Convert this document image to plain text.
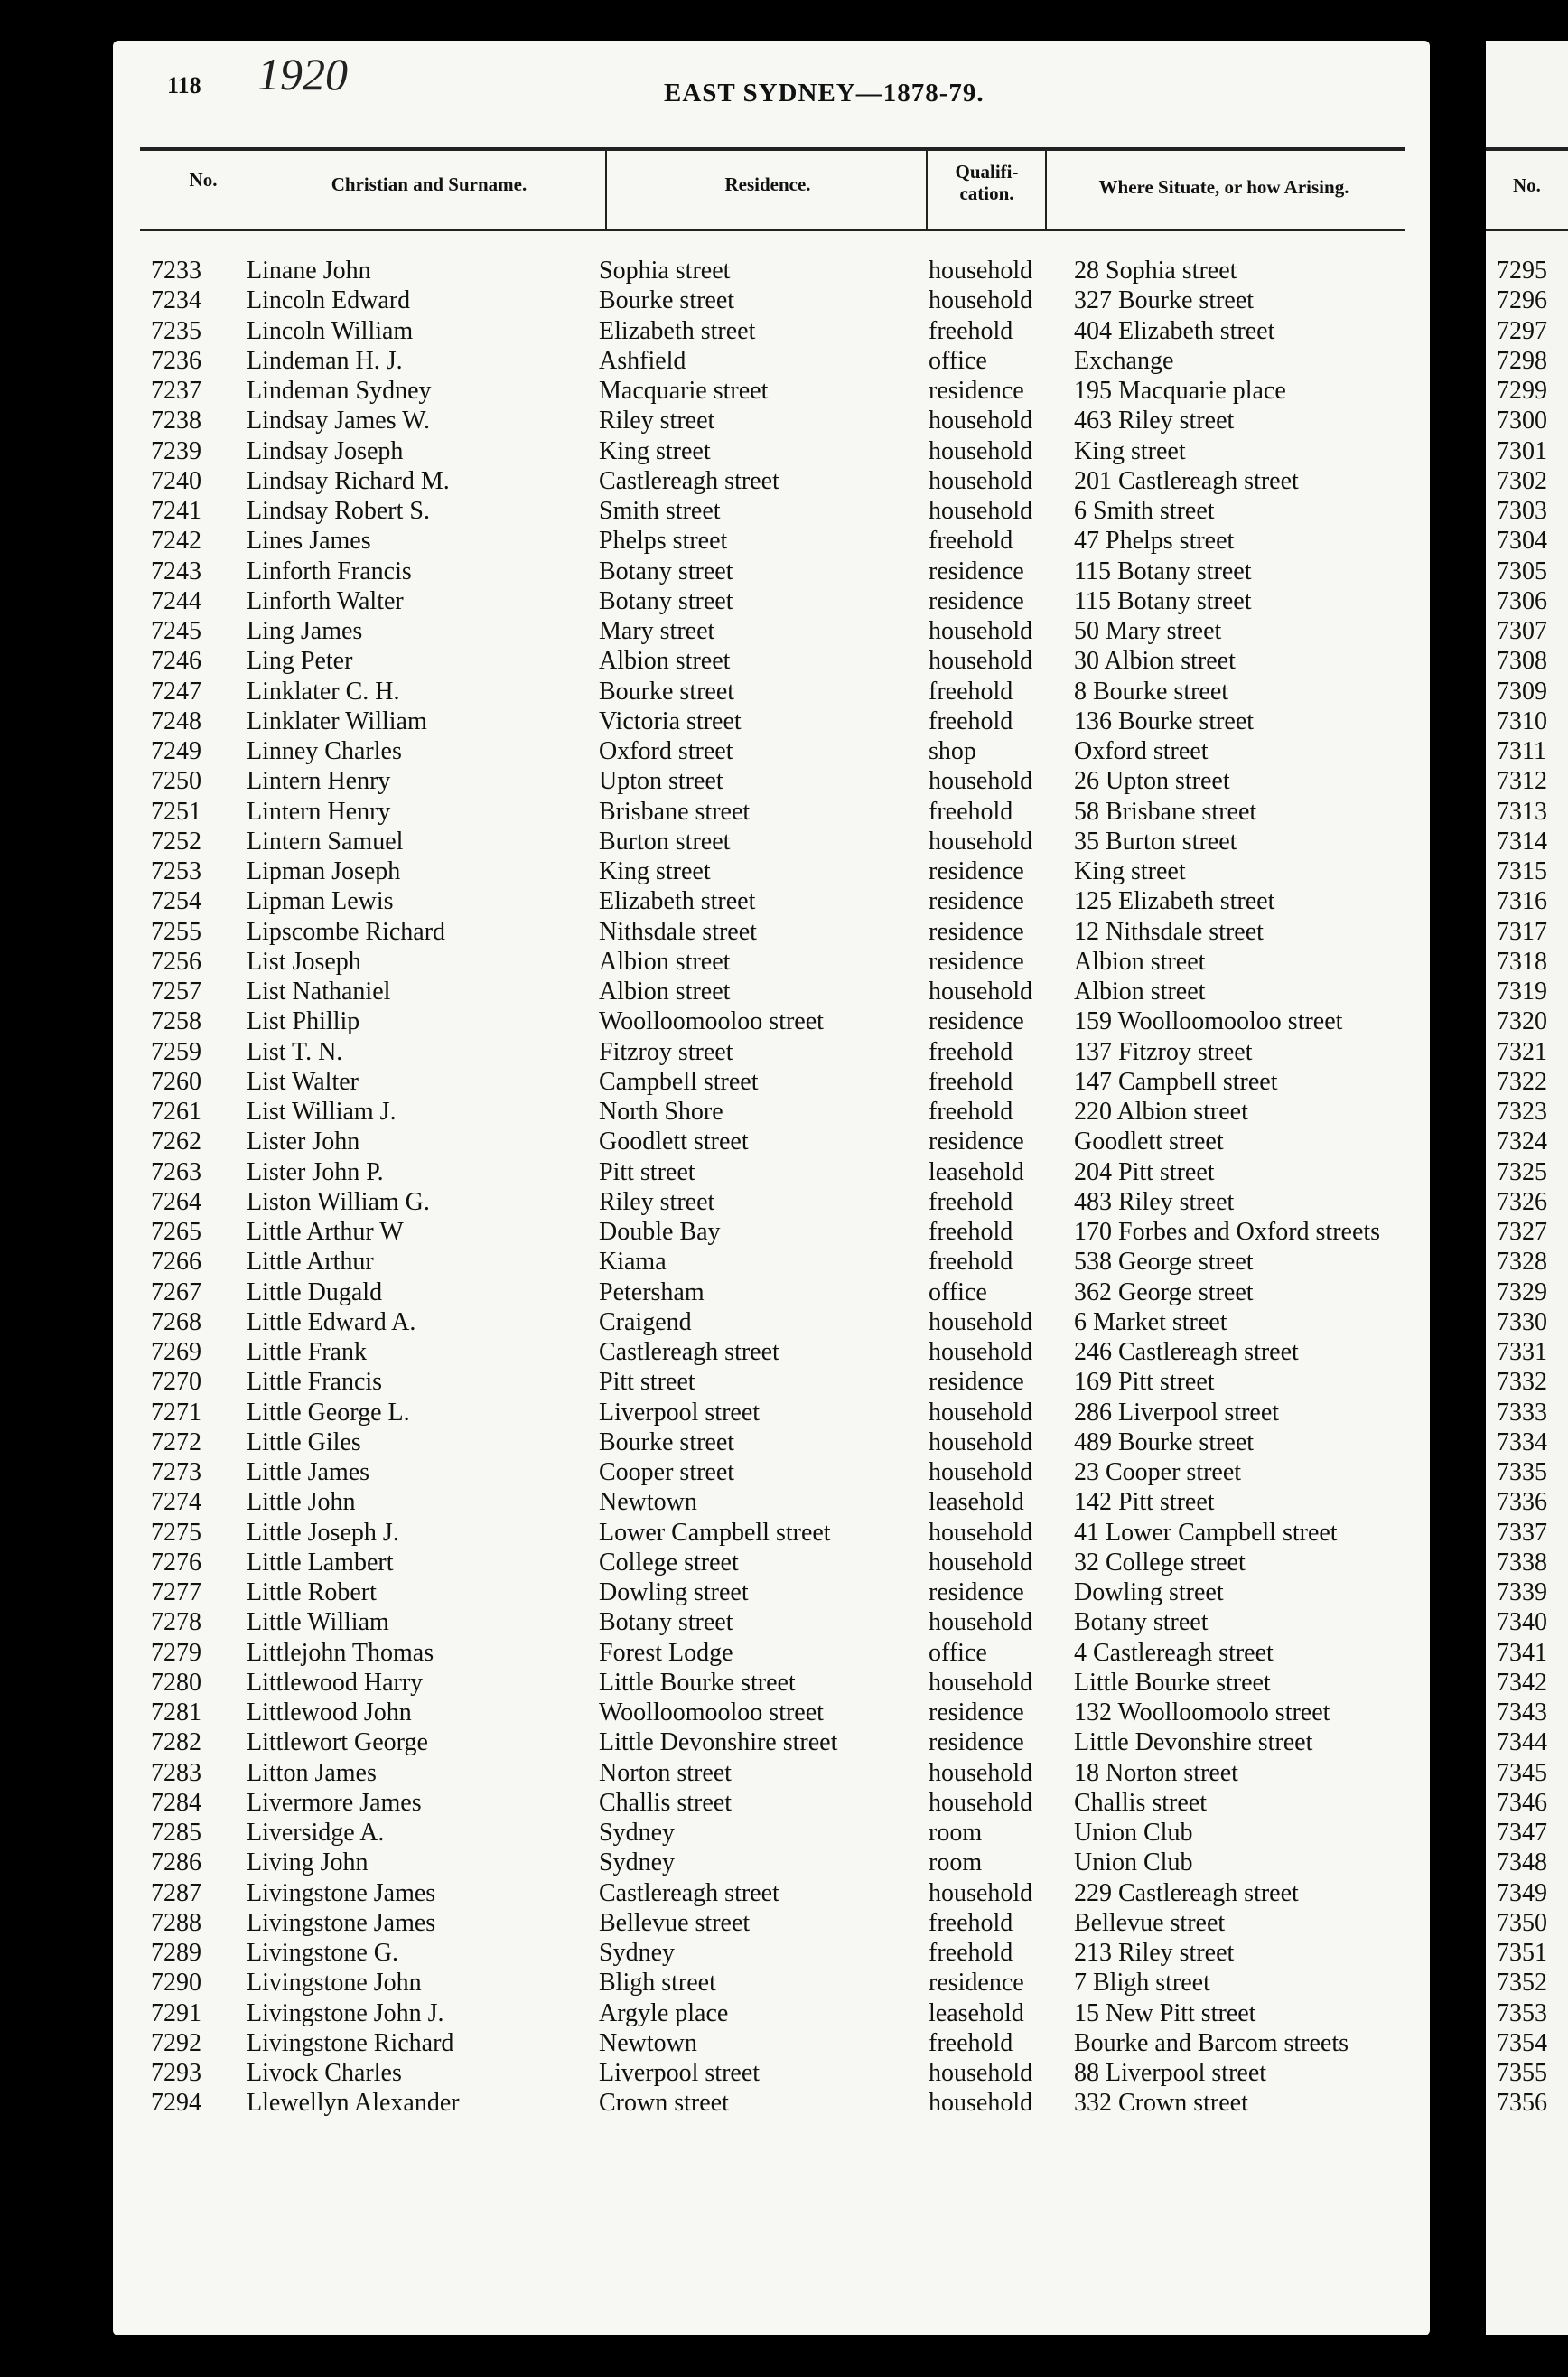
118 1920	EAST SYDNEY—1878-79.
No.	Christian and Surname.	Residence.
Qualifi-
cation.	Where Situate, or how Arising.
7233 Linane John	Sophia street	household 28 Sophia street
7234 Lincoln Edward	Bourke street	household 327 Bourke street
7235 Lincoln William	Elizabeth street	freehold 404 Elizabeth street
7236 Lindeman H. J.	Ashfield	office	Exchange
7237 Lindeman Sydney	Macquarie street	residence 195 Macquarie place
7238 Lindsay James W.	Riley street	household 463 Riley street
7239 Lindsay Joseph	King street	household King street
7240 Lindsay Richard M.	Castlereagh street	household 201 Castlereagh street
7241 Lindsay Robert S.	Smith street	household 6 Smith street
7242 Lines James	Phelps street	freehold 47 Phelps street
7243 Linforth Francis	Botany street	residence 115 Botany street
7244 Linforth Walter	Botany street	residence 115 Botany street
7245 Ling James	Mary street	household 50 Mary street
7246 Ling Peter	Albion street	household 30 Albion street
7247 Linklater C. H.	Bourke street	freehold 8 Bourke street
7248 Linklater William	Victoria street	freehold 136 Bourke street
7249 Linney Charles	Oxford street	shop	Oxford street
7250 Lintern Henry	Upton street	household 26 Upton street
7251 Lintern Henry	Brisbane street	freehold 58 Brisbane street
7252 Lintern Samuel	Burton street	household 35 Burton street
7253 Lipman Joseph	King street	residence King street
7254 Lipman Lewis	Elizabeth street	residence 125 Elizabeth street
7255 Lipscombe Richard	Nithsdale street	residence 12 Nithsdale street
7256 List Joseph	Albion street	residence Albion street
7257 List Nathaniel	Albion street	household Albion street
7258 List Phillip	Woolloomooloo street	residence 159 Woolloomooloo street
7259 List T. N.	Fitzroy street	freehold 137 Fitzroy street
7260 List Walter	Campbell street	freehold 147 Campbell street
7261 List William J.	North Shore	freehold 220 Albion street
7262 Lister John	Goodlett street	residence Goodlett street
7263 Lister John P.	Pitt street	leasehold 204 Pitt street
7264 Liston William G.	Riley street	freehold 483 Riley street
7265 Little Arthur W	Double Bay	freehold 170 Forbes and Oxford streets
7266 Little Arthur	Kiama	freehold 538 George street
7267 Little Dugald	Petersham	office	362 George street
7268 Little Edward A.	Craigend	household 6 Market street
7269 Little Frank	Castlereagh street	household 246 Castlereagh street
7270 Little Francis	Pitt street	residence 169 Pitt street
7271 Little George L.	Liverpool street	household 286 Liverpool street
7272 Little Giles	Bourke street	household 489 Bourke street
7273 Little James	Cooper street	household 23 Cooper street
7274 Little John	Newtown	leasehold 142 Pitt street
7275 Little Joseph J.	Lower Campbell street	household 41 Lower Campbell street
7276 Little Lambert	College street	household 32 College street
7277 Little Robert	Dowling street	residence Dowling street
7278 Little William	Botany street	household Botany street
7279 Littlejohn Thomas	Forest Lodge	office	4 Castlereagh street
7280 Littlewood Harry	Little Bourke street	household Little Bourke street
7281 Littlewood John	Woolloomooloo street	residence 132 Woolloomoolo street
7282 Littlewort George	Little Devonshire street	residence Little Devonshire street
7283 Litton James	Norton street	household 18 Norton street
7284 Livermore James	Challis street	household Challis street
7285 Liversidge A.	Sydney	room	Union Club
7286 Living John	Sydney	room	Union Club
7287 Livingstone James	Castlereagh street	household 229 Castlereagh street
7288 Livingstone James	Bellevue street	freehold Bellevue street
7289 Livingstone G.	Sydney	freehold 213 Riley street
7290 Livingstone John	Bligh street	residence 7 Bligh street
7291 Livingstone John J.	Argyle place	leasehold 15 New Pitt street
7292 Livingstone Richard	Newtown	freehold Bourke and Barcom streets
7293 Livock Charles	Liverpool street	household 88 Liverpool street
7294 Llewellyn Alexander	Crown street	household 332 Crown street
No.
7295
7296
7297
7298
7299
7300
7301
7302
7303
7304
7305
7306
7307
7308
7309
7310
7311
7312
7313
7314
7315
7316
7317
7318
7319
7320
7321
7322
7323
7324
7325
7326
7327
7328
7329
7330
7331
7332
7333
7334
7335
7336
7337
7338
7339
7340
7341
7342
7343
7344
7345
7346
7347
7348
7349
7350
7351
7352
7353
7354
7355
7356
